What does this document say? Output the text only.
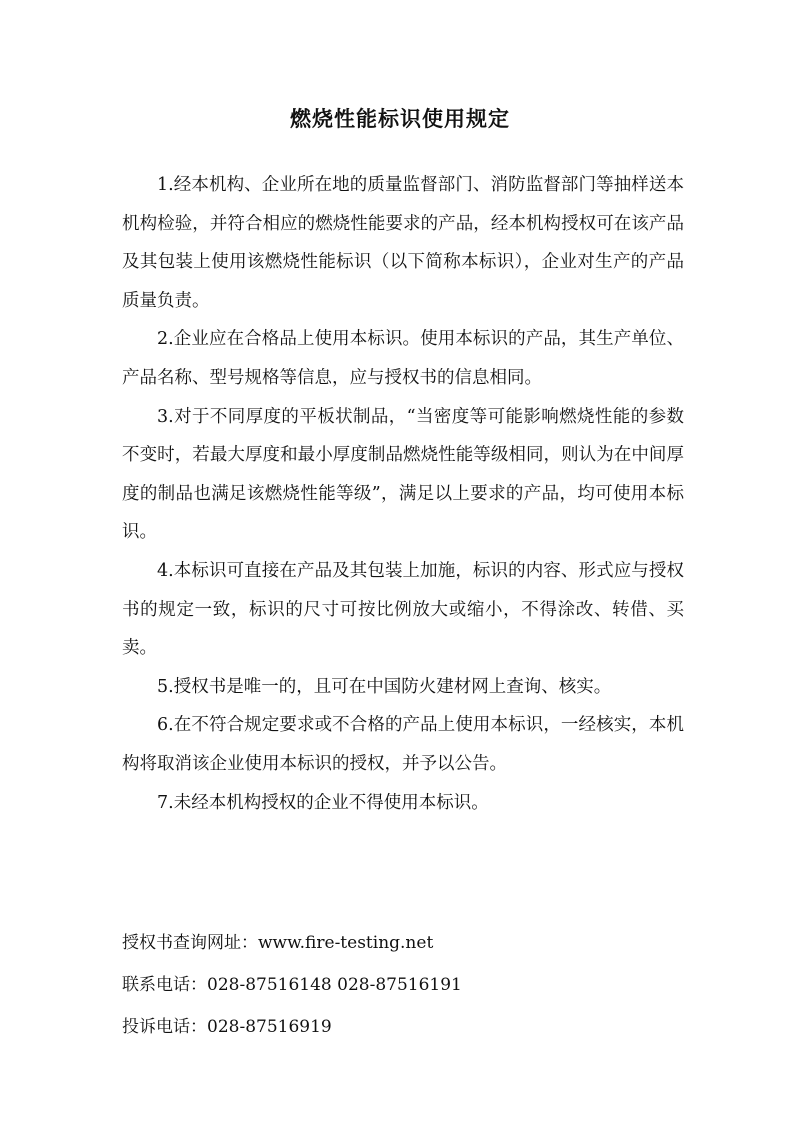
燃烧性能标识使用规定
1.经本机构、企业所在地的质量监督部门、消防监督部门等抽样送本机构检验，并符合相应的燃烧性能要求的产品，经本机构授权可在该产品及其包装上使用该燃烧性能标识（以下简称本标识），企业对生产的产品质量负责。
2.企业应在合格品上使用本标识。使用本标识的产品，其生产单位、产品名称、型号规格等信息，应与授权书的信息相同。
3.对于不同厚度的平板状制品，“当密度等可能影响燃烧性能的参数不变时，若最大厚度和最小厚度制品燃烧性能等级相同，则认为在中间厚度的制品也满足该燃烧性能等级”，满足以上要求的产品，均可使用本标识。
4.本标识可直接在产品及其包装上加施，标识的内容、形式应与授权书的规定一致，标识的尺寸可按比例放大或缩小，不得涂改、转借、买卖。
5.授权书是唯一的，且可在中国防火建材网上查询、核实。
6.在不符合规定要求或不合格的产品上使用本标识，一经核实，本机构将取消该企业使用本标识的授权，并予以公告。
7.未经本机构授权的企业不得使用本标识。
授权书查询网址：www.fire-testing.net
联系电话：028-87516148 028-87516191
投诉电话：028-87516919
